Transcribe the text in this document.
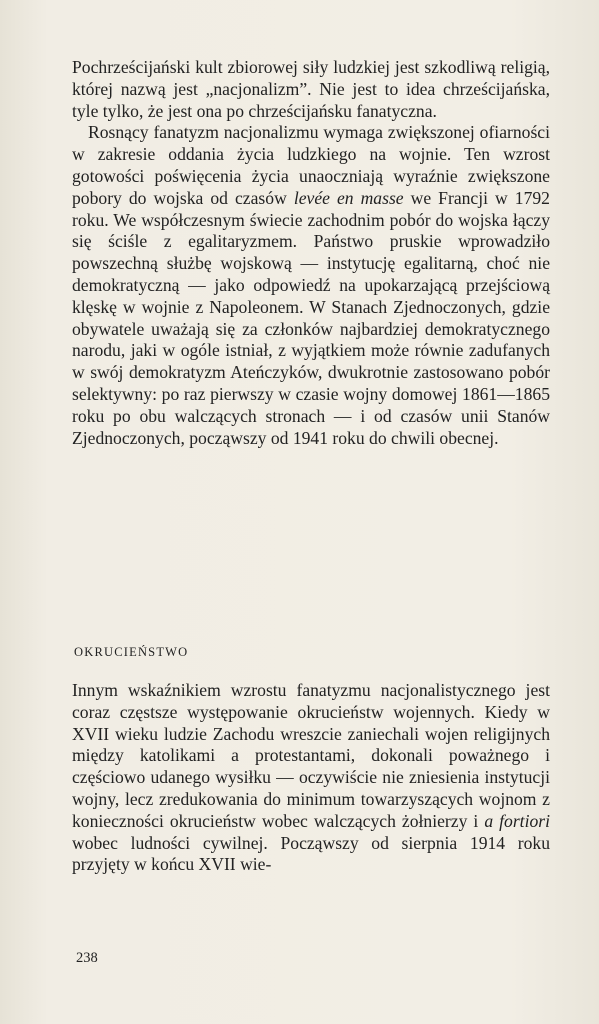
Pochrześcijański kult zbiorowej siły ludzkiej jest szkodliwą religią, której nazwą jest „nacjonalizm”. Nie jest to idea chrześcijańska, tyle tylko, że jest ona po chrześcijańsku fanatyczna.

Rosnący fanatyzm nacjonalizmu wymaga zwiększonej ofiarności w zakresie oddania życia ludzkiego na wojnie. Ten wzrost gotowości poświęcenia życia unaoczniają wyraźnie zwiększone pobory do wojska od czasów levée en masse we Francji w 1792 roku. We współczesnym świecie zachodnim pobór do wojska łączy się ściśle z egalitaryzmem. Państwo pruskie wprowadziło powszechną służbę wojskową — instytucję egalitarną, choć nie demokratyczną — jako odpowiedź na upokarzającą przejściową klęskę w wojnie z Napoleonem. W Stanach Zjednoczonych, gdzie obywatele uważają się za członków najbardziej demokratycznego narodu, jaki w ogóle istniał, z wyjątkiem może równie zadufanych w swój demokratyzm Ateńczyków, dwukrotnie zastosowano pobór selektywny: po raz pierwszy w czasie wojny domowej 1861—1865 roku po obu walczących stronach — i od czasów unii Stanów Zjednoczonych, począwszy od 1941 roku do chwili obecnej.

OKRUCIEŃSTWO

Innym wskaźnikiem wzrostu fanatyzmu nacjonalistycznego jest coraz częstsze występowanie okrucieństw wojennych. Kiedy w XVII wieku ludzie Zachodu wreszcie zaniechali wojen religijnych między katolikami a protestantami, dokonali poważnego i częściowo udanego wysiłku — oczywiście nie zniesienia instytucji wojny, lecz zredukowania do minimum towarzyszących wojnom z konieczności okrucieństw wobec walczących żołnierzy i a fortiori wobec ludności cywilnej. Począwszy od sierpnia 1914 roku przyjęty w końcu XVII wie-

238
